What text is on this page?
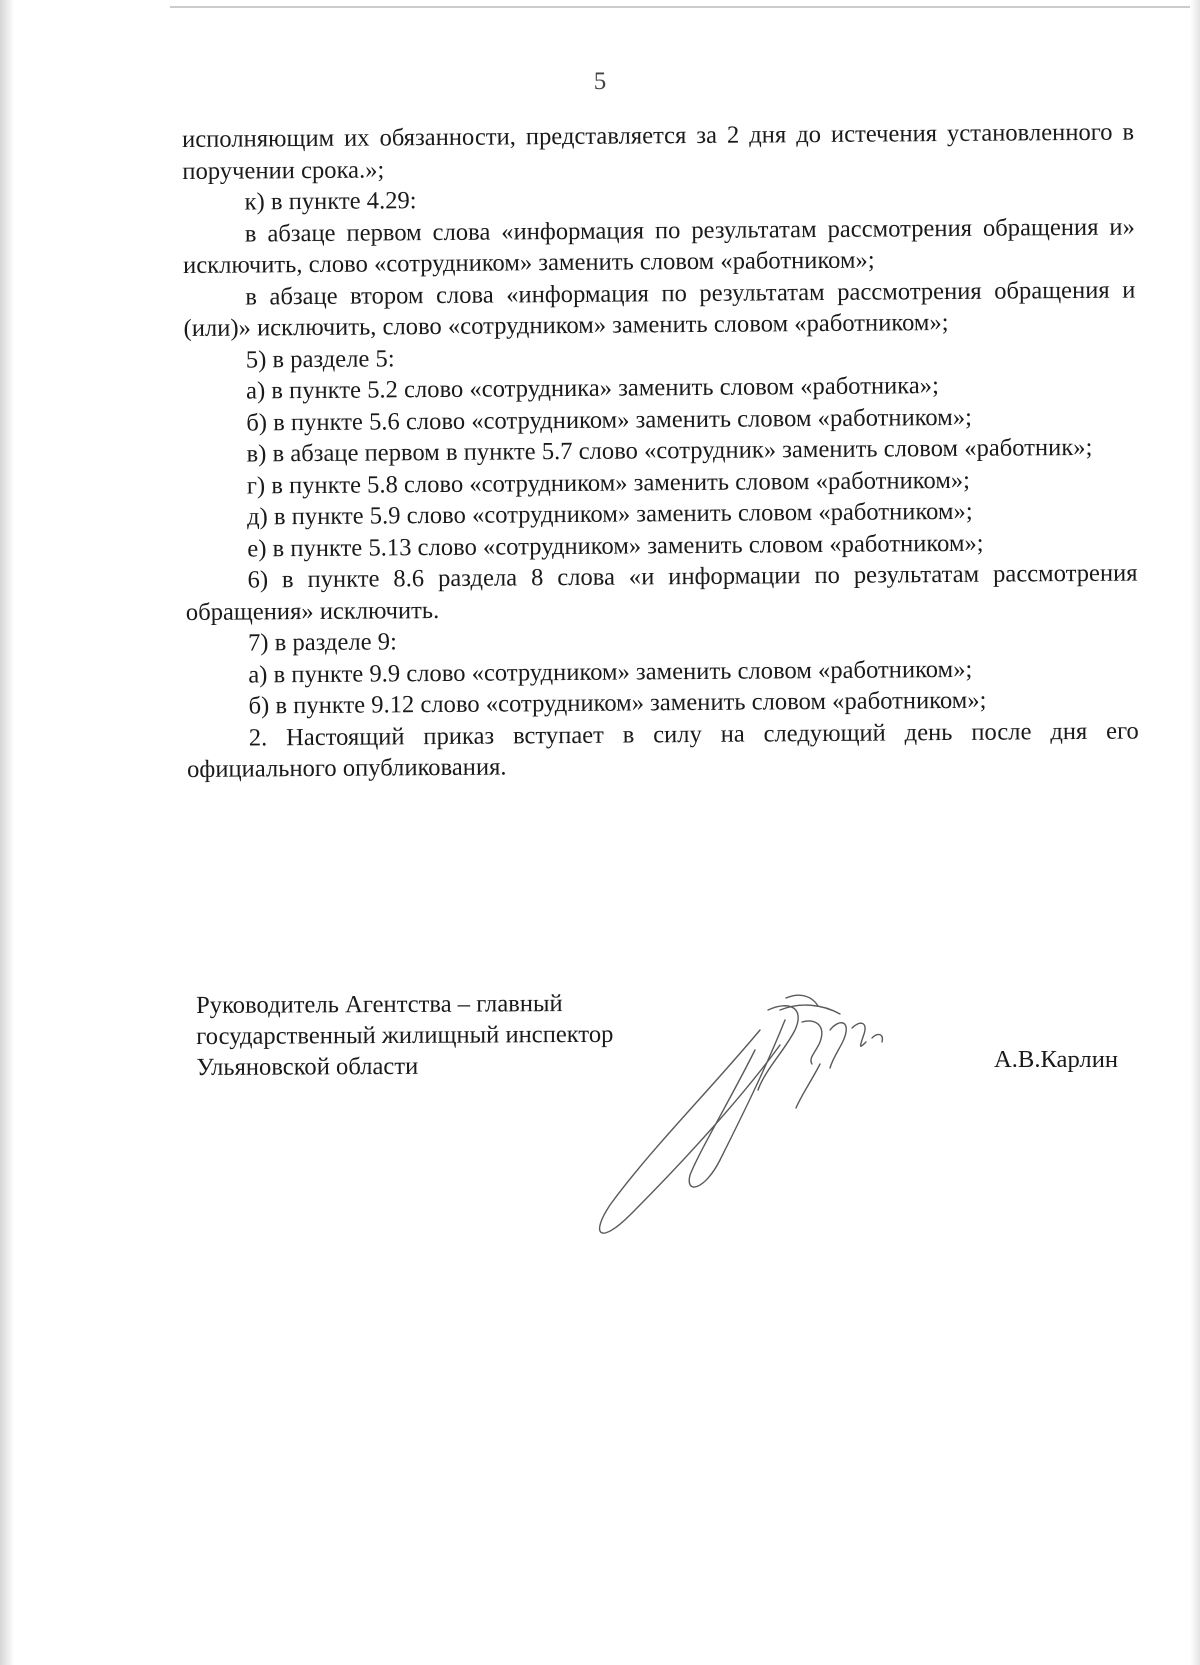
5

исполняющим их обязанности, представляется за 2 дня до истечения установленного в поручении срока.»;

к) в пункте 4.29:

в абзаце первом слова «информация по результатам рассмотрения обращения и» исключить, слово «сотрудником» заменить словом «работником»;

в абзаце втором слова «информация по результатам рассмотрения обращения и (или)» исключить, слово «сотрудником» заменить словом «работником»;

5) в разделе 5:

а) в пункте 5.2 слово «сотрудника» заменить словом «работника»;

б) в пункте 5.6 слово «сотрудником» заменить словом «работником»;

в) в абзаце первом в пункте 5.7 слово «сотрудник» заменить словом «работник»;

г) в пункте 5.8 слово «сотрудником» заменить словом «работником»;

д) в пункте 5.9 слово «сотрудником» заменить словом «работником»;

е) в пункте 5.13 слово «сотрудником» заменить словом «работником»;

6) в пункте 8.6 раздела 8 слова «и информации по результатам рассмотрения обращения» исключить.

7) в разделе 9:

а) в пункте 9.9 слово «сотрудником» заменить словом «работником»;

б) в пункте 9.12 слово «сотрудником» заменить словом «работником»;

2. Настоящий приказ вступает в силу на следующий день после дня его официального опубликования.

Руководитель Агентства – главный
государственный жилищный инспектор
Ульяновской области	А.В.Карлин
